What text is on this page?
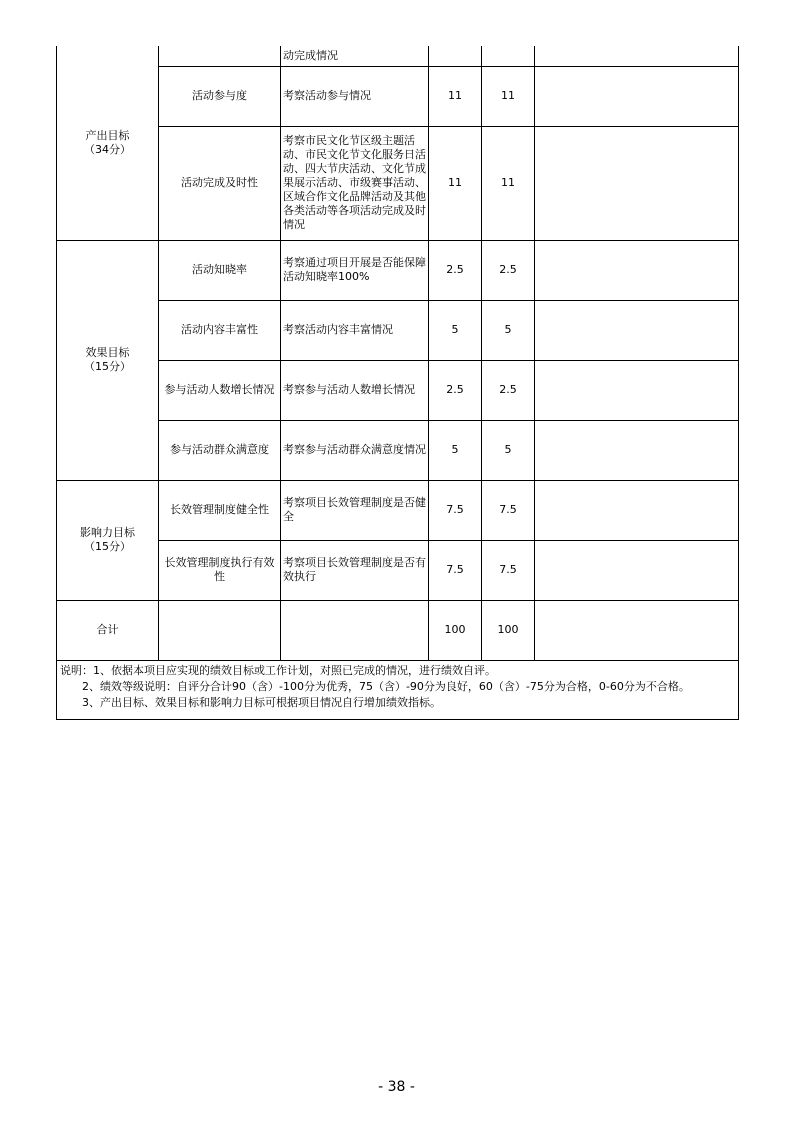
产出目标
（34分）		动完成情况			
	活动参与度	考察活动参与情况	11	11	
	活动完成及时性	考察市民文化节区级主题活动、市民文化节文化服务日活动、四大节庆活动、文化节成果展示活动、市级赛事活动、区域合作文化品牌活动及其他各类活动等各项活动完成及时情况	11	11	

效果目标
（15分）	活动知晓率	考察通过项目开展是否能保障活动知晓率100%	2.5	2.5	
	活动内容丰富性	考察活动内容丰富情况	5	5	
	参与活动人数增长情况	考察参与活动人数增长情况	2.5	2.5	
	参与活动群众满意度	考察参与活动群众满意度情况	5	5	

影响力目标
（15分）	长效管理制度健全性	考察项目长效管理制度是否健全	7.5	7.5	
	长效管理制度执行有效性	考察项目长效管理制度是否有效执行	7.5	7.5	
合计			100	100	

说明：1、依据本项目应实现的绩效目标或工作计划，对照已完成的情况，进行绩效自评。
2、绩效等级说明：自评分合计90（含）-100分为优秀，75（含）-90分为良好，60（含）-75分为合格，0-60分为不合格。
3、产出目标、效果目标和影响力目标可根据项目情况自行增加绩效指标。					
- 38 -
